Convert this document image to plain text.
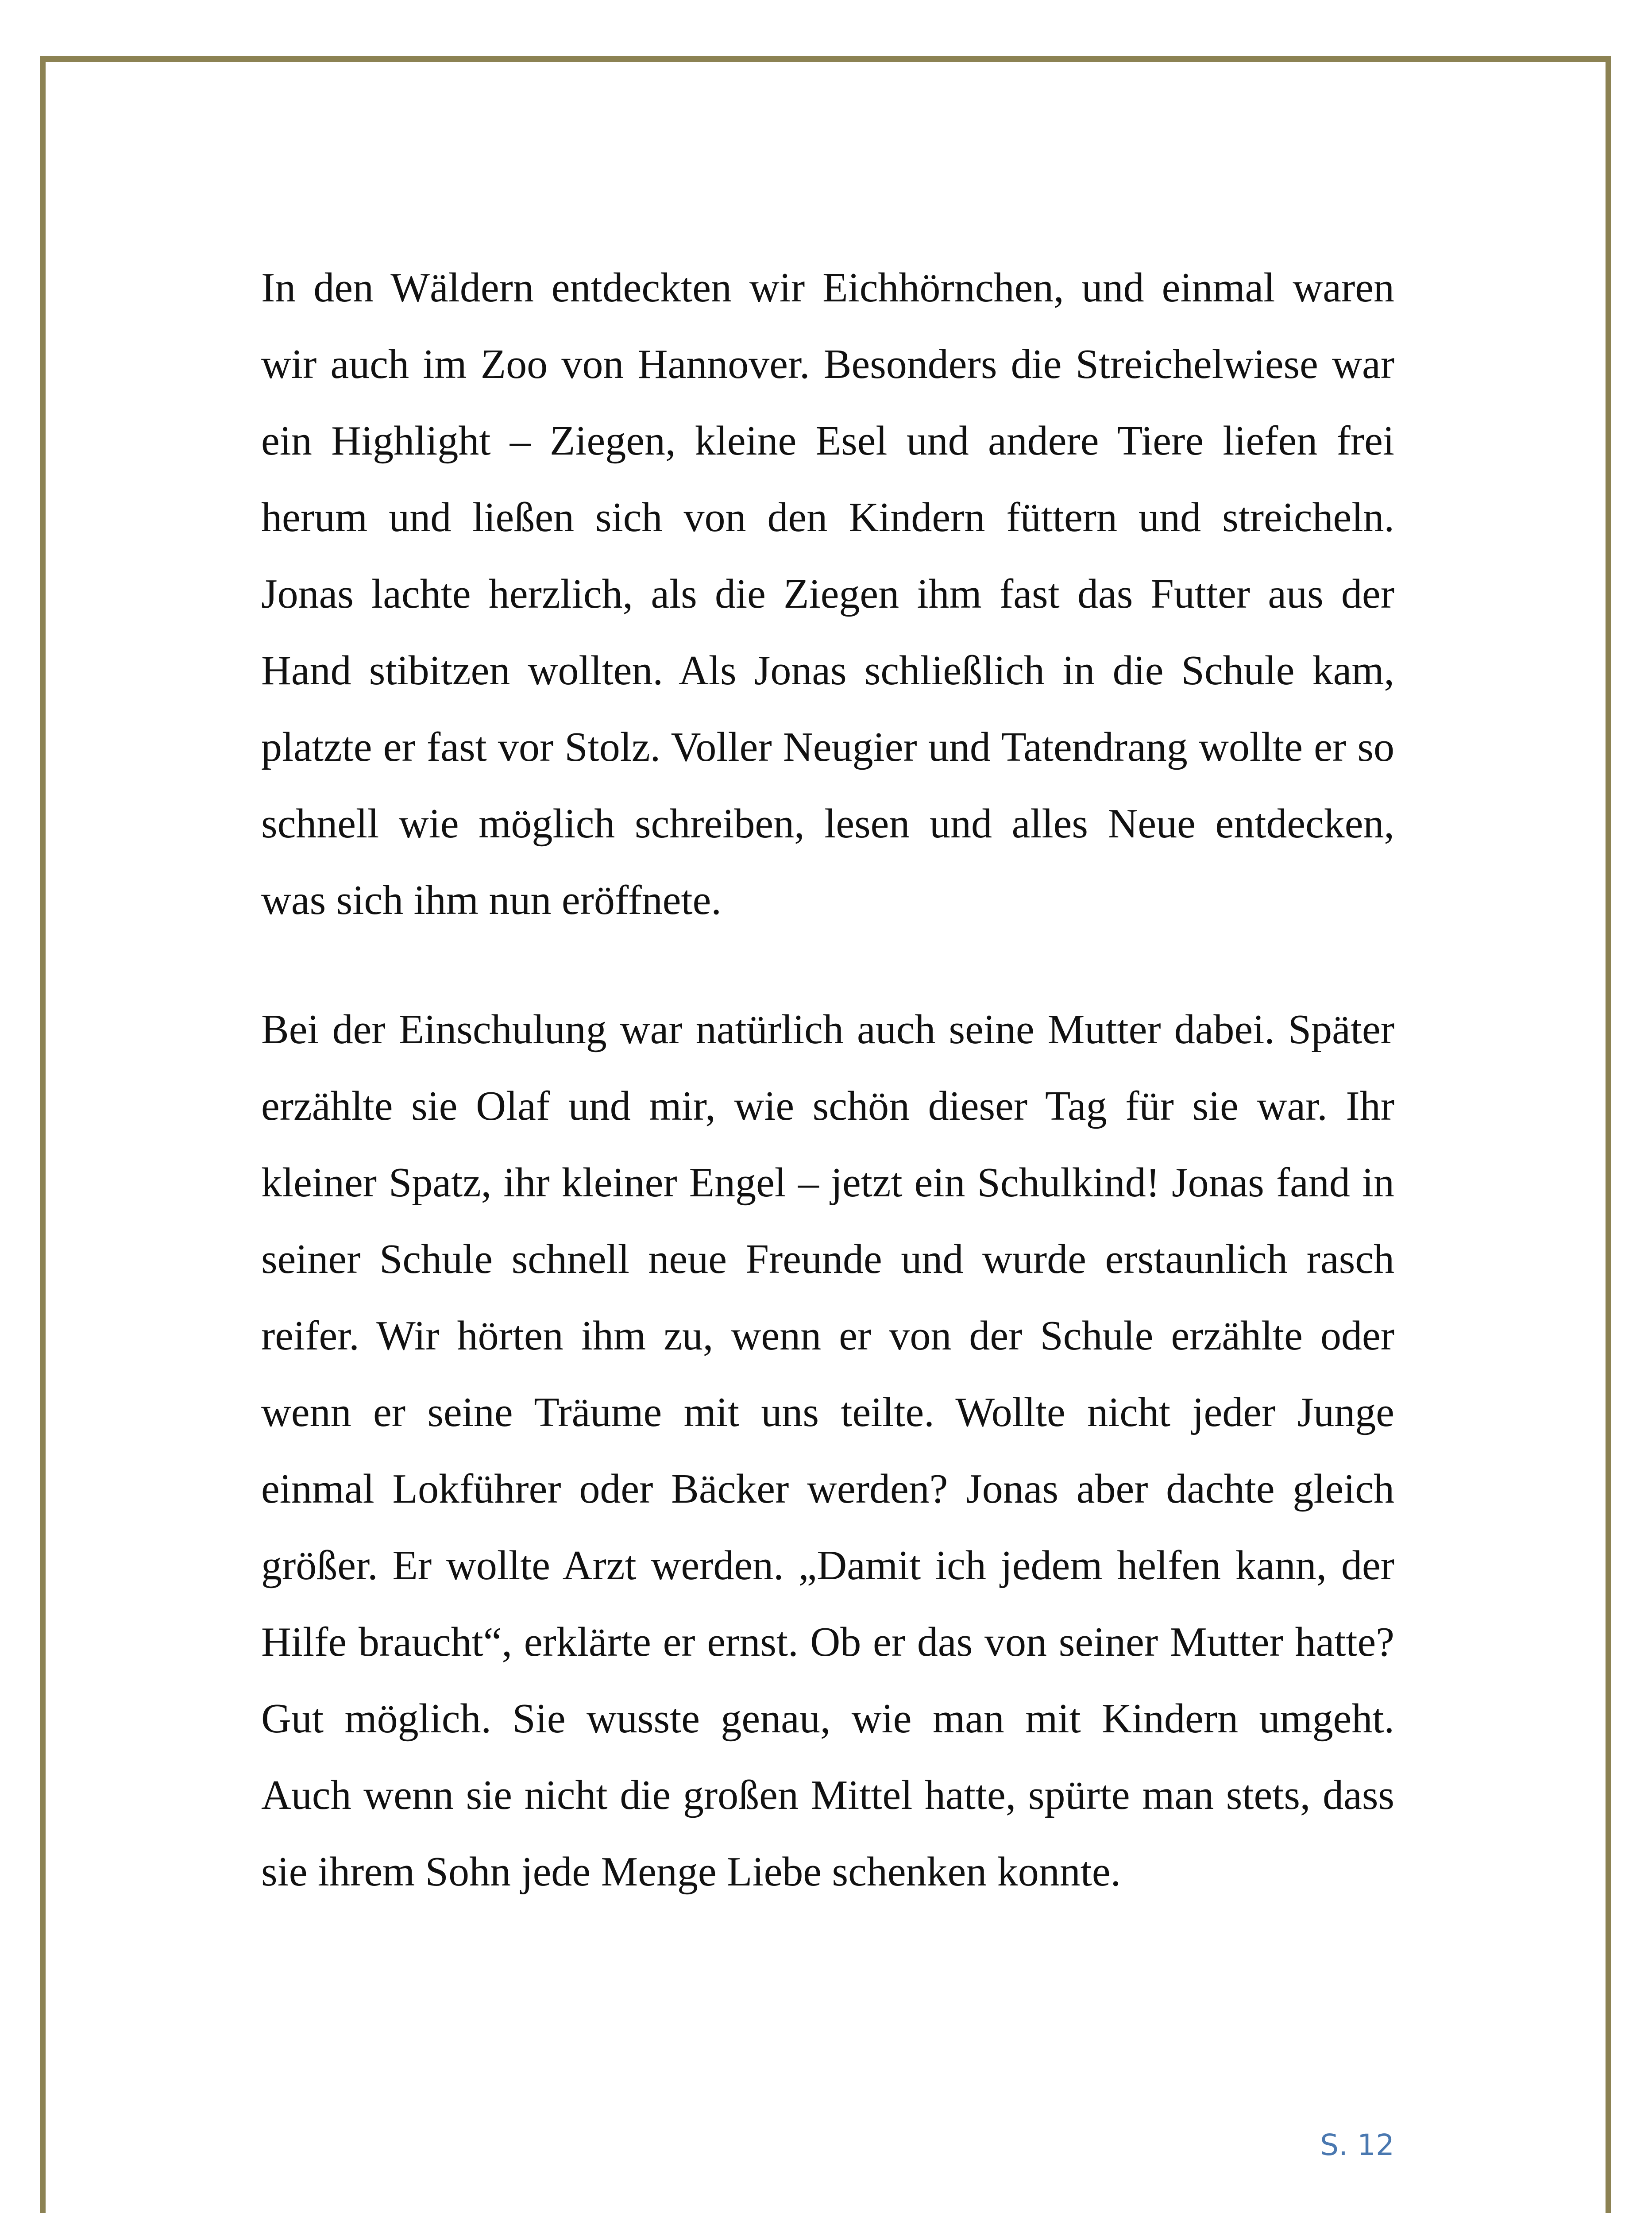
In den Wäldern entdeckten wir Eichhörnchen, und einmal waren wir auch im Zoo von Hannover. Besonders die Streichelwiese war ein Highlight – Ziegen, kleine Esel und andere Tiere liefen frei herum und ließen sich von den Kindern füttern und streicheln. Jonas lachte herzlich, als die Ziegen ihm fast das Futter aus der Hand stibitzen wollten. Als Jonas schließlich in die Schule kam, platzte er fast vor Stolz. Voller Neugier und Tatendrang wollte er so schnell wie möglich schreiben, lesen und alles Neue entdecken, was sich ihm nun eröffnete.

Bei der Einschulung war natürlich auch seine Mutter dabei. Später erzählte sie Olaf und mir, wie schön dieser Tag für sie war. Ihr kleiner Spatz, ihr kleiner Engel – jetzt ein Schulkind! Jonas fand in seiner Schule schnell neue Freunde und wurde erstaunlich rasch reifer. Wir hörten ihm zu, wenn er von der Schule erzählte oder wenn er seine Träume mit uns teilte. Wollte nicht jeder Junge einmal Lokführer oder Bäcker werden? Jonas aber dachte gleich größer. Er wollte Arzt werden. „Damit ich jedem helfen kann, der Hilfe braucht“, erklärte er ernst. Ob er das von seiner Mutter hatte? Gut möglich. Sie wusste genau, wie man mit Kindern umgeht. Auch wenn sie nicht die großen Mittel hatte, spürte man stets, dass sie ihrem Sohn jede Menge Liebe schenken konnte.

S. 12
